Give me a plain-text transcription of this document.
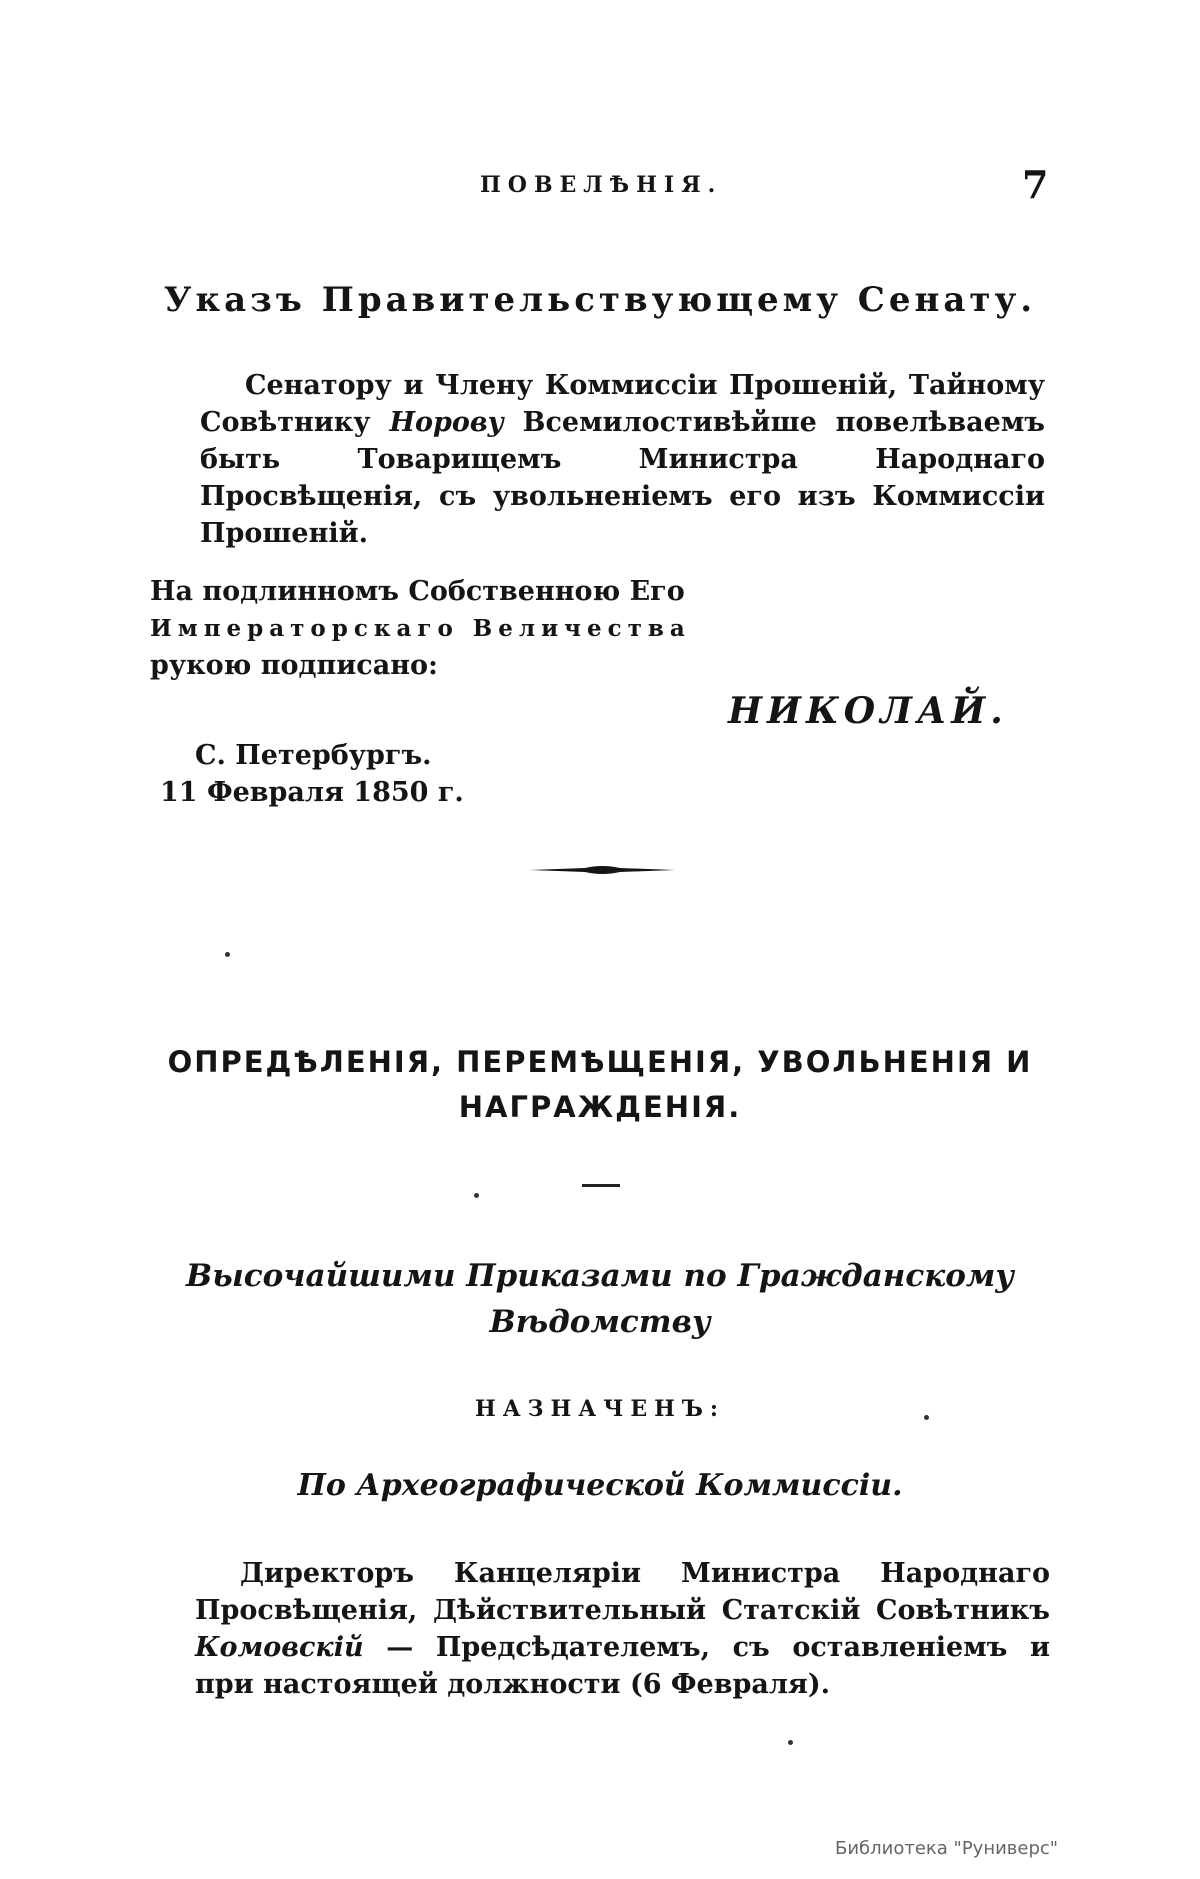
ПОВЕЛѢНІЯ.	7
Указъ Правительствующему Сенату.
Сенатору и Члену Коммиссіи Прошеній, Тайному Совѣтнику Норову Всемилостивѣйше повелѣваемъ быть Товарищемъ Министра Народнаго Просвѣщенія, съ увольненіемъ его изъ Коммиссіи Прошеній.
На подлинномъ Собственною Его
Императорскаго Величества
рукою подписано:
НИКОЛАЙ.
С. Петербургъ.
11 Февраля 1850 г.
ОПРЕДѢЛЕНІЯ, ПЕРЕМѢЩЕНІЯ, УВОЛЬНЕНІЯ И
НАГРАЖДЕНІЯ.
Высочайшими Приказами по Гражданскому
Вѣдомству
НАЗНАЧЕНЪ:
По Археографической Коммиссіи.
Директоръ Канцеляріи Министра Народнаго Просвѣщенія, Дѣйствительный Статскій Совѣтникъ Комовскій — Предсѣдателемъ, съ оставленіемъ и при настоящей должности (6 Февраля).
Библиотека "Руниверс"
